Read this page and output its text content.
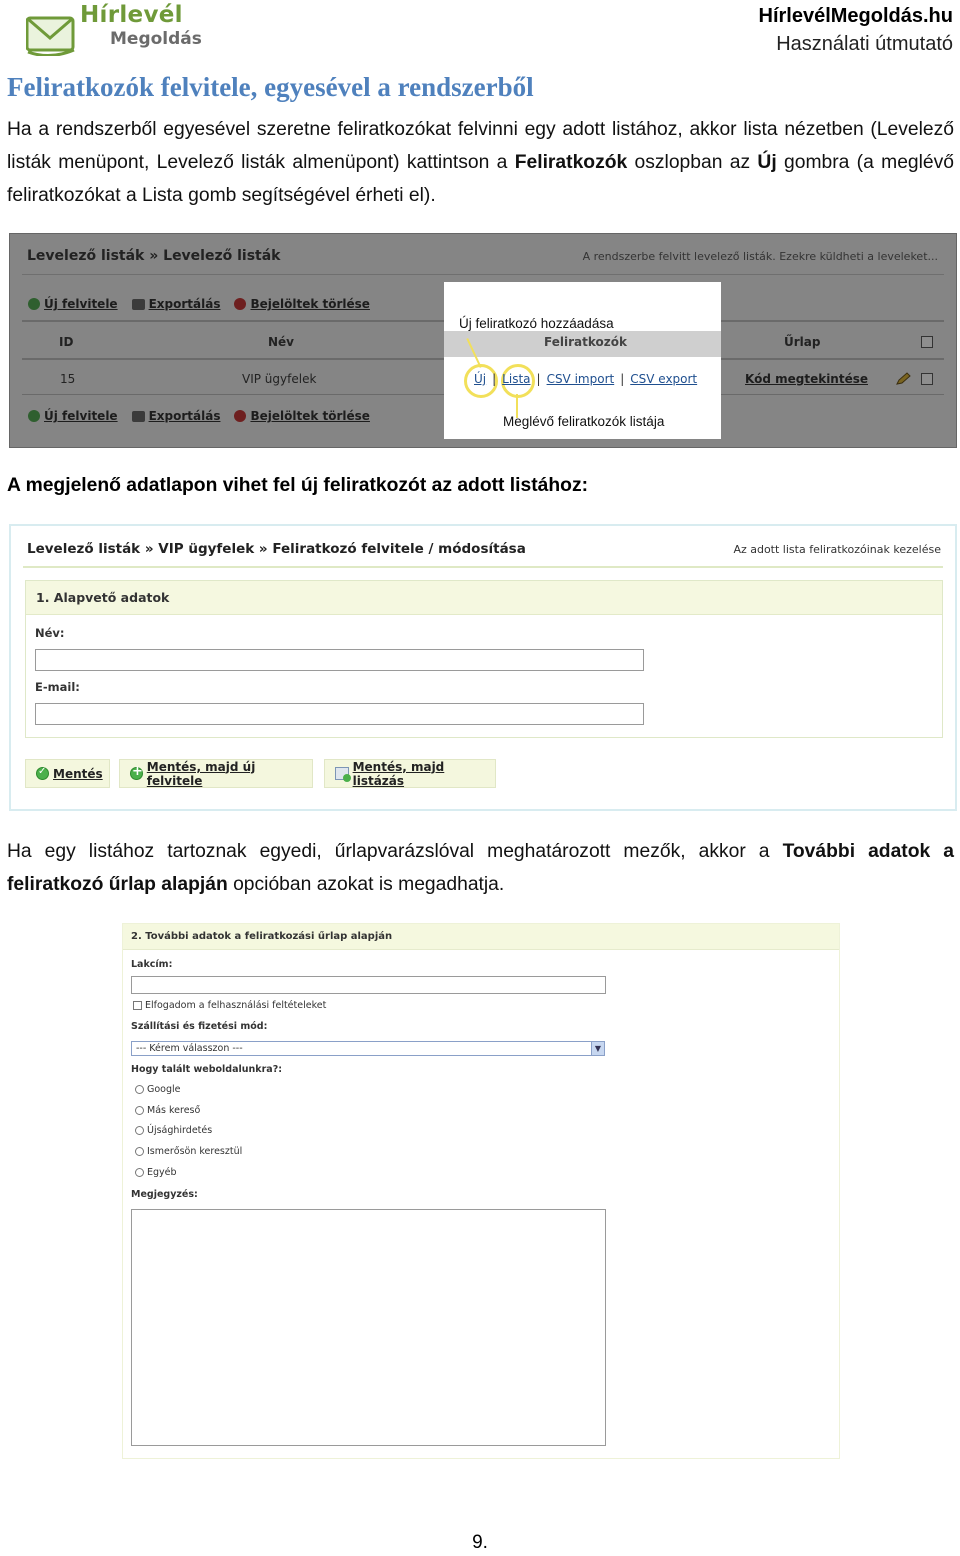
Hírlevél
Megoldás
HírlevélMegoldás.hu
Használati útmutató
Feliratkozók felvitele, egyesével a rendszerből
Ha a rendszerből egyesével szeretne feliratkozókat felvinni egy adott listához, akkor lista nézetben (Levelező listák menüpont, Levelező listák almenüpont) kattintson a Feliratkozók oszlopban az Új gombra (a meglévő feliratkozókat a Lista gomb segítségével érheti el).
Levelező listák » Levelező listák	A rendszerbe felvitt levelező listák. Ezekre küldheti a leveleket...
Új felvitele	Exportálás	Bejelöltek törlése
ID	Név	Űrlap
15	VIP ügyfelek	Kód megtekintése
Új felvitele	Exportálás	Bejelöltek törlése
Új feliratkozó hozzáadása
Feliratkozók
Új | Lista | CSV import | CSV export
Meglévő feliratkozók listája
A megjelenő adatlapon vihet fel új feliratkozót az adott listához:
Levelező listák » VIP ügyfelek » Feliratkozó felvitele / módosítása	Az adott lista feliratkozóinak kezelése
1. Alapvető adatok
Név:
E-mail:
✓
Mentés
+	Mentés, majd új felvitele
Mentés, majd listázás
Ha egy listához tartoznak egyedi, űrlapvarázslóval meghatározott mezők, akkor a További adatok a feliratkozó űrlap alapján opcióban azokat is megadhatja.
2. További adatok a feliratkozási űrlap alapján
Lakcím:
Elfogadom a felhasználási feltételeket
Szállítási és fizetési mód:
--- Kérem válasszon ---	▼
Hogy talált weboldalunkra?:
Google
Más kereső
Újsághirdetés
Ismerősön keresztül
Egyéb
Megjegyzés:
9.
